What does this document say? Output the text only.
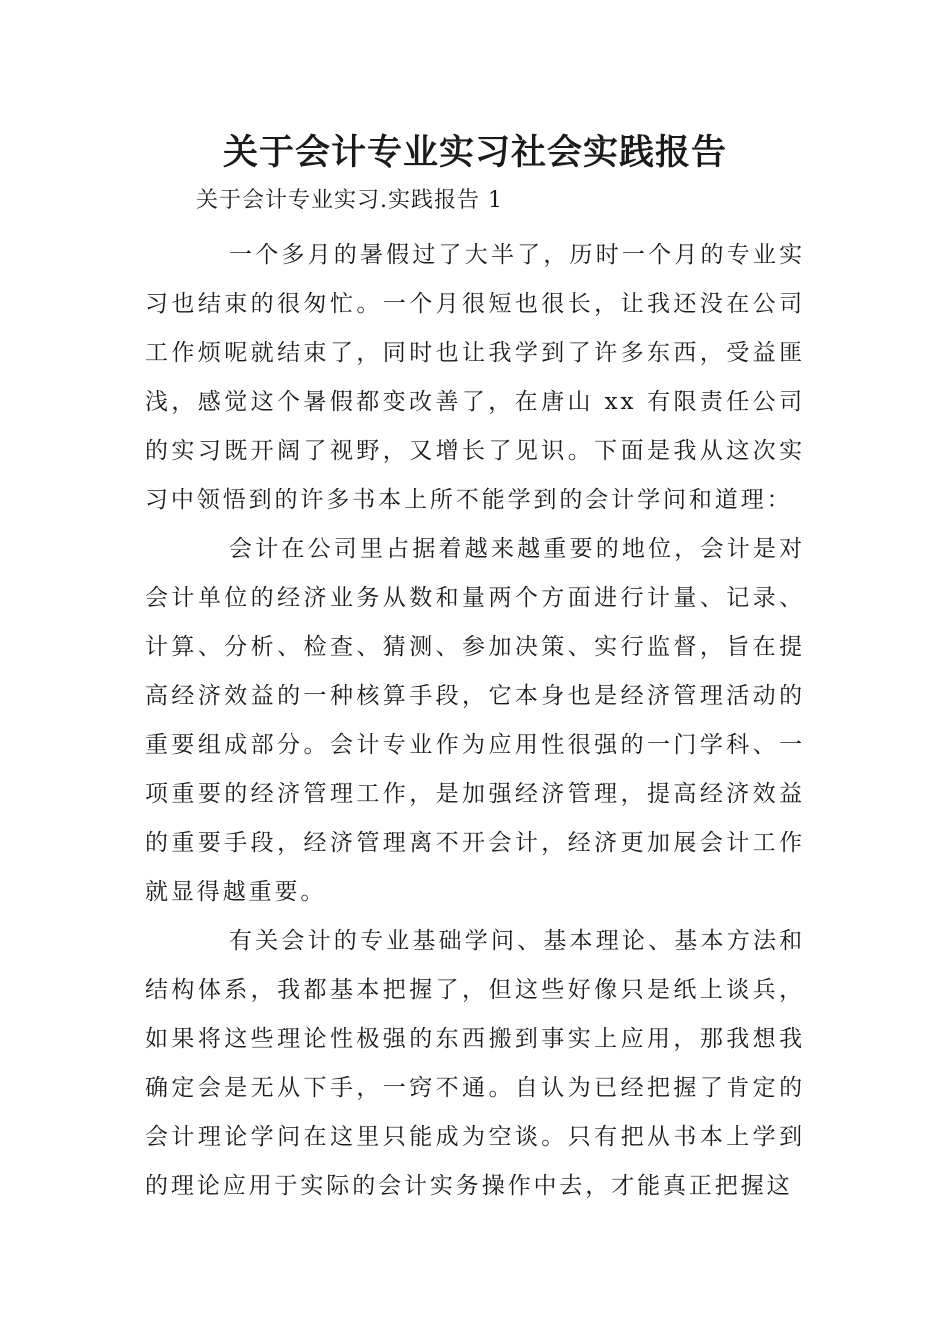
关于会计专业实习社会实践报告

关于会计专业实习.实践报告 1

一个多月的暑假过了大半了，历时一个月的专业实习也结束的很匆忙。一个月很短也很长，让我还没在公司工作烦呢就结束了，同时也让我学到了许多东西，受益匪浅，感觉这个暑假都变改善了，在唐山 xx 有限责任公司的实习既开阔了视野，又增长了见识。下面是我从这次实习中领悟到的许多书本上所不能学到的会计学问和道理：

会计在公司里占据着越来越重要的地位，会计是对会计单位的经济业务从数和量两个方面进行计量、记录、计算、分析、检查、猜测、参加决策、实行监督，旨在提高经济效益的一种核算手段，它本身也是经济管理活动的重要组成部分。会计专业作为应用性很强的一门学科、一项重要的经济管理工作，是加强经济管理，提高经济效益的重要手段，经济管理离不开会计，经济更加展会计工作就显得越重要。

有关会计的专业基础学问、基本理论、基本方法和结构体系，我都基本把握了，但这些好像只是纸上谈兵，如果将这些理论性极强的东西搬到事实上应用，那我想我确定会是无从下手，一窍不通。自认为已经把握了肯定的会计理论学问在这里只能成为空谈。只有把从书本上学到的理论应用于实际的会计实务操作中去，才能真正把握这
